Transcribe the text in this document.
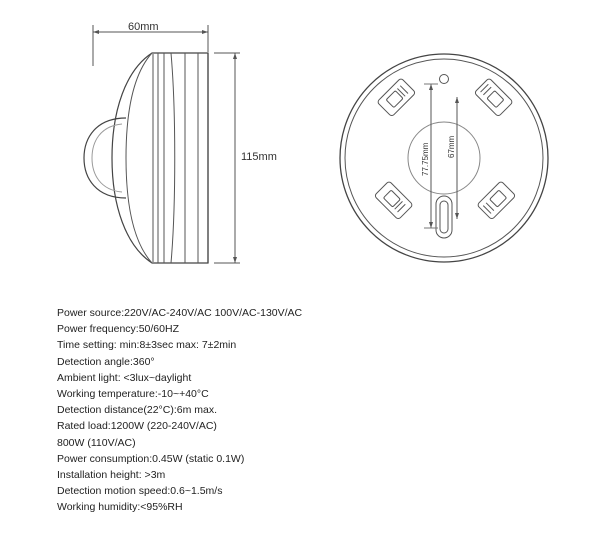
60mm
115mm	77.75mm 67mm
Power source:220V/AC-240V/AC 100V/AC-130V/AC
Power frequency:50/60HZ
Time setting: min:8±3sec max: 7±2min
Detection angle:360°
Ambient light: <3lux~daylight
Working temperature:-10~+40°C
Detection distance(22°C):6m max.
Rated load:1200W (220-240V/AC)
800W (110V/AC)
Power consumption:0.45W (static 0.1W)
Installation height: >3m
Detection motion speed:0.6~1.5m/s
Working humidity:<95%RH
